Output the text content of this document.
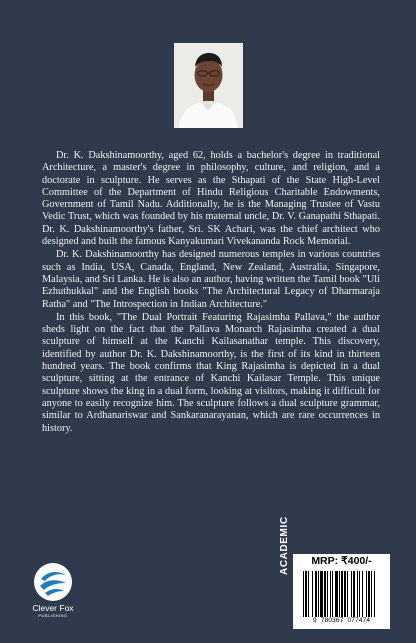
Dr. K. Dakshinamoorthy, aged 62, holds a bachelor's degree in traditional Architecture, a master's degree in philosophy, culture, and religion, and a doctorate in sculpture. He serves as the Sthapati of the State High-Level Committee of the Department of Hindu Religious Charitable Endowments, Government of Tamil Nadu. Additionally, he is the Managing Trustee of Vastu Vedic Trust, which was founded by his maternal uncle, Dr. V. Ganapathi Sthapati. Dr. K. Dakshinamoorthy's father, Sri. SK Achari, was the chief architect who designed and built the famous Kanyakumari Vivekananda Rock Memorial.

Dr. K. Dakshinamoorthy has designed numerous temples in various countries such as India, USA, Canada, England, New Zealand, Australia, Singapore, Malaysia, and Sri Lanka. He is also an author, having written the Tamil book "Uli Ezhuthukkal" and the English books "The Architectural Legacy of Dharmaraja Ratha" and "The Introspection in Indian Architecture."

In this book, "The Dual Portrait Featuring Rajasimha Pallava," the author sheds light on the fact that the Pallava Monarch Rajasimha created a dual sculpture of himself at the Kanchi Kailasanathar temple. This discovery, identified by author Dr. K. Dakshinamoorthy, is the first of its kind in thirteen hundred years. The book confirms that King Rajasimha is depicted in a dual sculpture, sitting at the entrance of Kanchi Kailasar Temple. This unique sculpture shows the king in a dual form, looking at visitors, making it difficult for anyone to easily recognize him. The sculpture follows a dual sculpture grammar, similar to Ardhanariswar and Sankaranarayanan, which are rare occurrences in history.

Clever Fox
PUBLISHING
ACADEMIC	MRP: ₹400/-
9 780367 077474
